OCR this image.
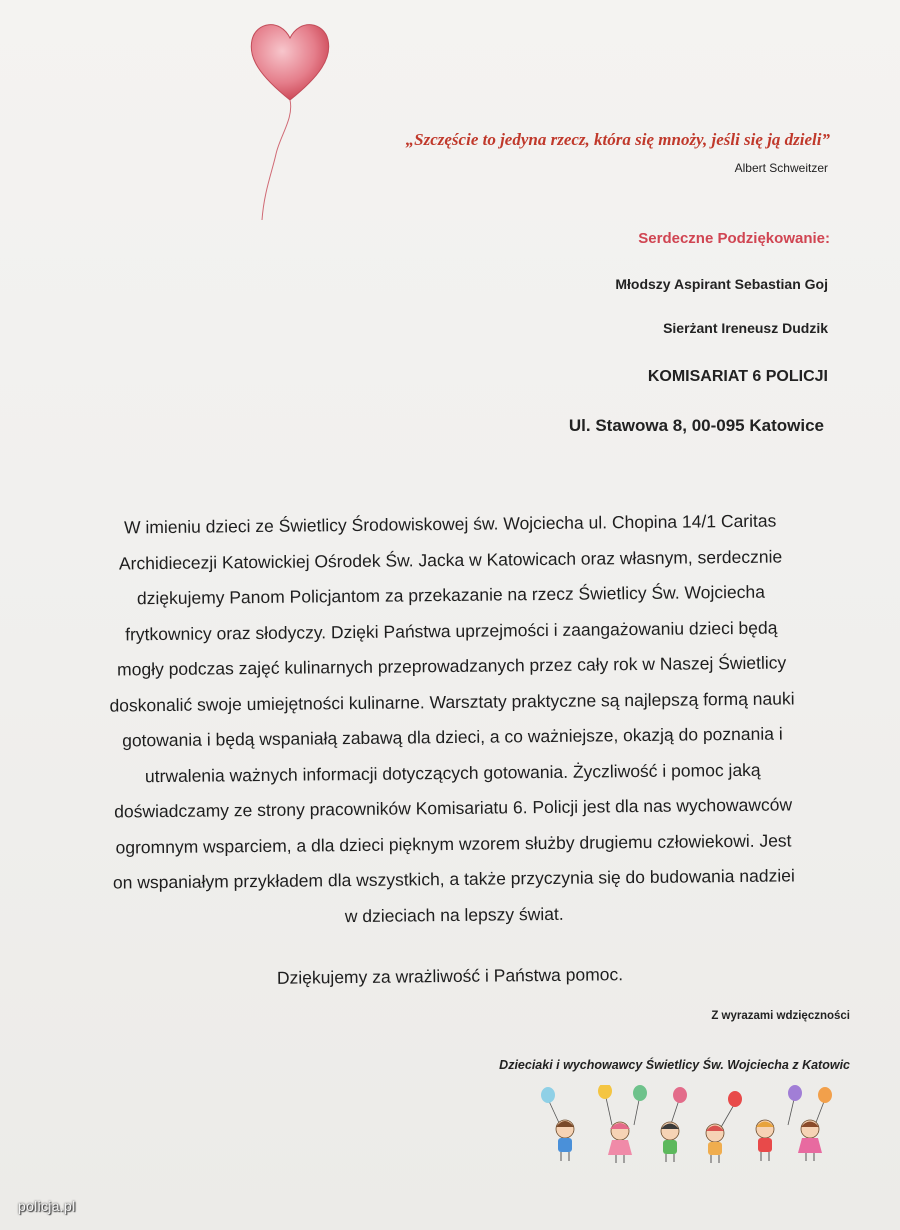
„Szczęście to jedyna rzecz, która się mnoży, jeśli się ją dzieli”
Albert Schweitzer
Serdeczne Podziękowanie:
Młodszy Aspirant Sebastian Goj
Sierżant Ireneusz Dudzik
KOMISARIAT 6 POLICJI
Ul. Stawowa 8, 00-095 Katowice
W imieniu dzieci ze Świetlicy Środowiskowej św. Wojciecha ul. Chopina 14/1 Caritas
Archidiecezji Katowickiej Ośrodek Św. Jacka w Katowicach oraz własnym, serdecznie
dziękujemy Panom Policjantom za przekazanie na rzecz Świetlicy Św. Wojciecha
frytkownicy oraz słodyczy. Dzięki Państwa uprzejmości i zaangażowaniu dzieci będą
mogły podczas zajęć kulinarnych przeprowadzanych przez cały rok w Naszej Świetlicy
doskonalić swoje umiejętności kulinarne. Warsztaty praktyczne są najlepszą formą nauki
gotowania i będą wspaniałą zabawą dla dzieci, a co ważniejsze, okazją do poznania i
utrwalenia ważnych informacji dotyczących gotowania. Życzliwość i pomoc jaką
doświadczamy ze strony pracowników Komisariatu 6. Policji jest dla nas wychowawców
ogromnym wsparciem, a dla dzieci pięknym wzorem służby drugiemu człowiekowi. Jest
on wspaniałym przykładem dla wszystkich, a także przyczynia się do budowania nadziei
w dzieciach na lepszy świat.
Dziękujemy za wrażliwość i Państwa pomoc.
Z wyrazami wdzięczności
Dzieciaki i wychowawcy Świetlicy Św. Wojciecha z Katowic
policja.pl
